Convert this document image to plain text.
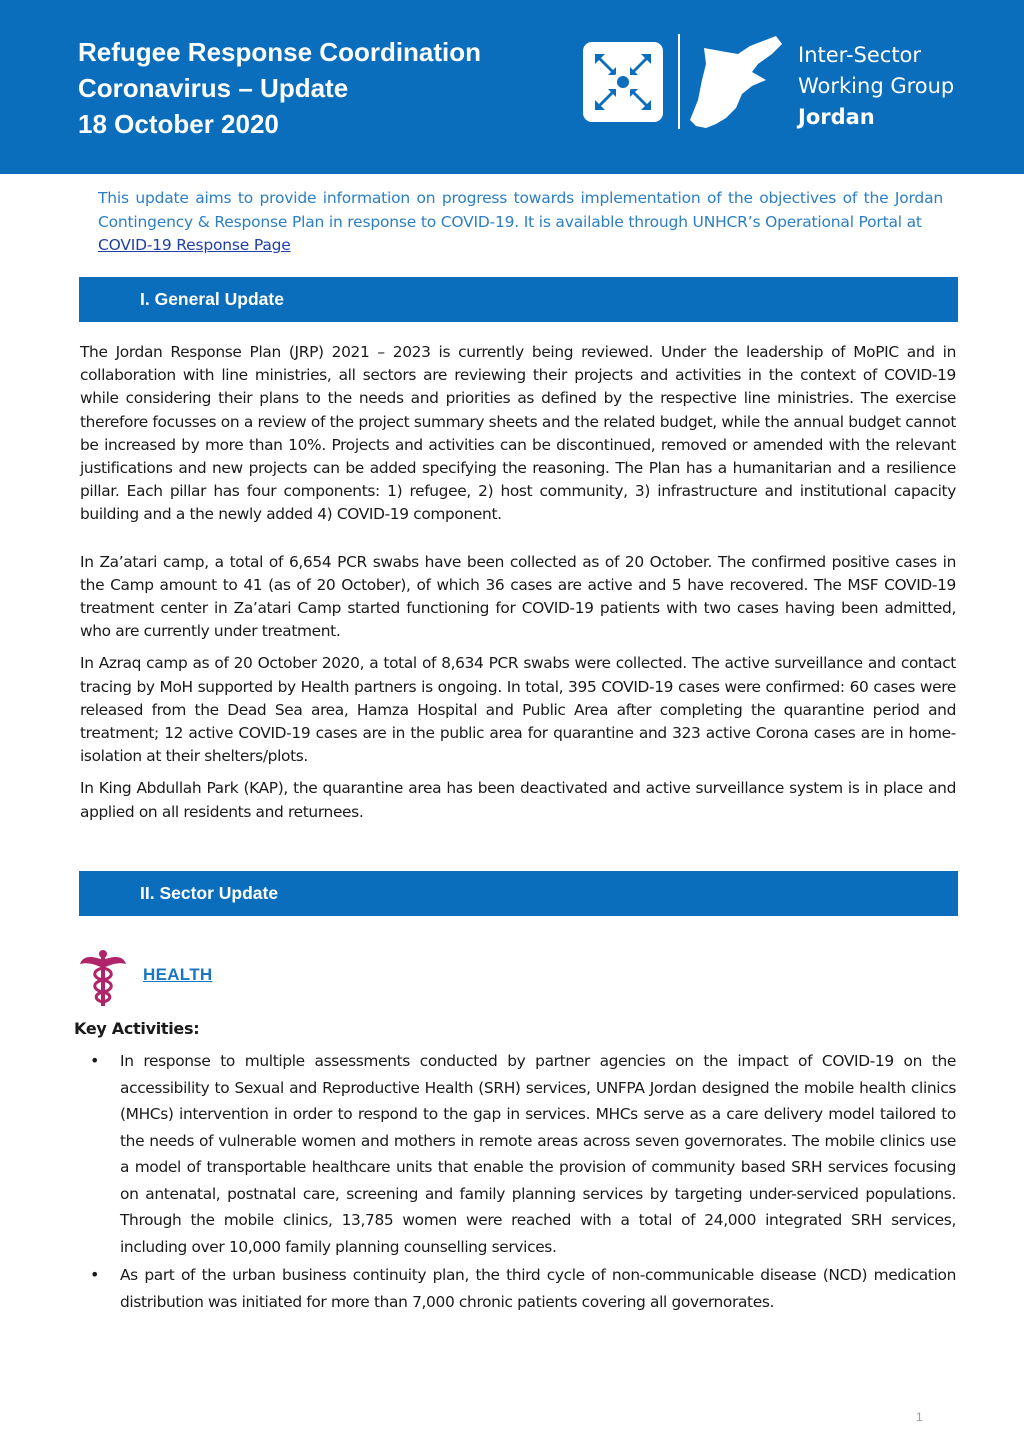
Refugee Response Coordination
Coronavirus – Update
18 October 2020
Inter-Sector
Working Group
Jordan
This update aims to provide information on progress towards implementation of the objectives of the Jordan Contingency & Response Plan in response to COVID-19. It is available through UNHCR’s Operational Portal at
COVID-19 Response Page
I. General Update

The Jordan Response Plan (JRP) 2021 – 2023 is currently being reviewed. Under the leadership of MoPIC and in collaboration with line ministries, all sectors are reviewing their projects and activities in the context of COVID-19 while considering their plans to the needs and priorities as defined by the respective line ministries. The exercise therefore focusses on a review of the project summary sheets and the related budget, while the annual budget cannot be increased by more than 10%. Projects and activities can be discontinued, removed or amended with the relevant justifications and new projects can be added specifying the reasoning. The Plan has a humanitarian and a resilience pillar. Each pillar has four components: 1) refugee, 2) host community, 3) infrastructure and institutional capacity building and a the newly added 4) COVID-19 component.

In Za’atari camp, a total of 6,654 PCR swabs have been collected as of 20 October. The confirmed positive cases in the Camp amount to 41 (as of 20 October), of which 36 cases are active and 5 have recovered. The MSF COVID-19 treatment center in Za’atari Camp started functioning for COVID-19 patients with two cases having been admitted, who are currently under treatment.

In Azraq camp as of 20 October 2020, a total of 8,634 PCR swabs were collected. The active surveillance and contact tracing by MoH supported by Health partners is ongoing. In total, 395 COVID-19 cases were confirmed: 60 cases were released from the Dead Sea area, Hamza Hospital and Public Area after completing the quarantine period and treatment; 12 active COVID-19 cases are in the public area for quarantine and 323 active Corona cases are in home-isolation at their shelters/plots.

In King Abdullah Park (KAP), the quarantine area has been deactivated and active surveillance system is in place and applied on all residents and returnees.

II. Sector Update
HEALTH
Key Activities:
• In response to multiple assessments conducted by partner agencies on the impact of COVID-19 on the accessibility to Sexual and Reproductive Health (SRH) services, UNFPA Jordan designed the mobile health clinics (MHCs) intervention in order to respond to the gap in services. MHCs serve as a care delivery model tailored to the needs of vulnerable women and mothers in remote areas across seven governorates. The mobile clinics use a model of transportable healthcare units that enable the provision of community based SRH services focusing on antenatal, postnatal care, screening and family planning services by targeting under-serviced populations. Through the mobile clinics, 13,785 women were reached with a total of 24,000 integrated SRH services, including over 10,000 family planning counselling services.
• As part of the urban business continuity plan, the third cycle of non-communicable disease (NCD) medication distribution was initiated for more than 7,000 chronic patients covering all governorates.
1
